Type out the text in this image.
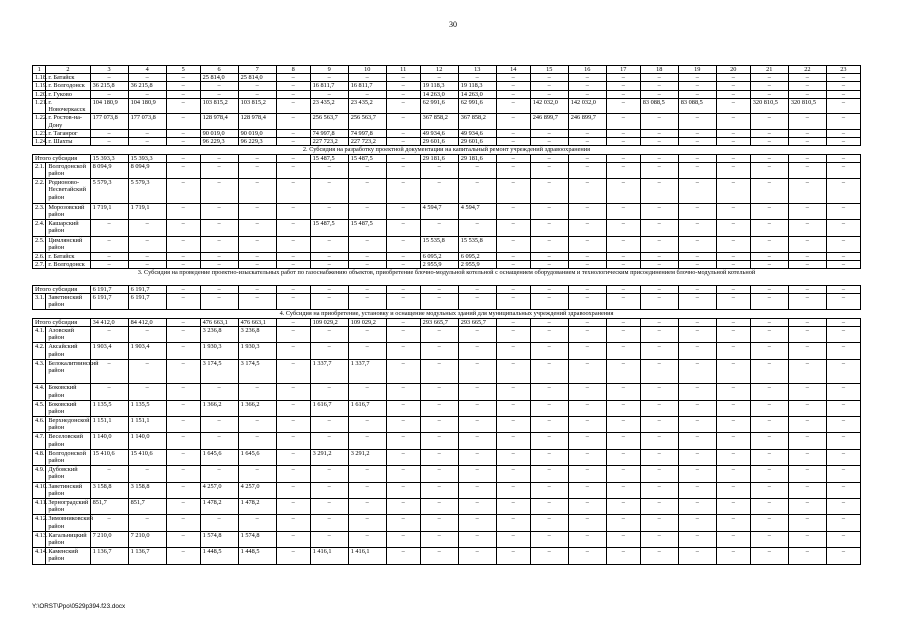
30
1	2	3	4	5	6	7	8	9	10	11	12	13	14	15	16	17	18	19	20	21	22	23
1.18.	г. Батайск	–	–	–	25 814,0	25 814,0	–	–	–	–	–	–	–	–	–	–	–	–	–	–	–	–
1.19.	г. Волгодонск	36 215,8	36 215,8	–	–	–	–	16 811,7	16 811,7	–	19 118,3	19 118,3	–	–	–	–	–	–	–	–	–	–
1.20.	г. Гуково	–	–	–	–	–	–	–	–	–	14 263,0	14 263,0	–	–	–	–	–	–	–	–	–	–
1.21.	г. Новочеркасск	104 180,9	104 180,9	–	103 815,2	103 815,2	–	23 435,2	23 435,2	–	62 991,6	62 991,6	–	142 032,0	142 032,0	–	83 088,5	83 088,5	–	320 810,5	320 810,5	–
1.22.	г. Ростов-на-Дону	177 073,8	177 073,8	–	128 978,4	128 978,4	–	256 563,7	256 563,7	–	367 858,2	367 858,2	–	246 899,7	246 899,7	–	–	–	–	–	–	–
1.23.	г. Таганрог	–	–	–	90 019,0	90 019,0	–	74 997,8	74 997,8	–	49 934,6	49 934,6	–	–	–	–	–	–	–	–	–	–
1.24.	г. Шахты	–	–	–	96 229,3	96 229,3	–	227 723,2	227 723,2	–	29 601,6	29 601,6	–	–	–	–	–	–	–	–	–	–
2. Субсидия на разработку проектной документации на капитальный ремонт учреждений здравоохранения																						
Итого субсидия		15 393,3	15 393,3	–	–	–	–	15 487,5	15 487,5	–	29 181,6	29 181,6	–	–	–	–	–	–	–	–	–	–
2.1.	Волгодонской район	8 094,9	8 094,9	–	–	–	–	–	–	–	–	–	–	–	–	–	–	–	–	–	–	–
2.2.	Родионово-Несветайский район	5 579,3	5 579,3	–	–	–	–	–	–	–	–	–	–	–	–	–	–	–	–	–	–	–
2.3.	Морозовский район	1 719,1	1 719,1	–	–	–	–	–	–	–	4 594,7	4 594,7	–	–	–	–	–	–	–	–	–	–
2.4.	Кашарский район	–	–	–	–	–	–	15 487,5	15 487,5	–	–	–	–	–	–	–	–	–	–	–	–	–
2.5.	Цимлянский район	–	–	–	–	–	–	–	–	–	15 535,8	15 535,8	–	–	–	–	–	–	–	–	–	–
2.6.	г. Батайск	–	–	–	–	–	–	–	–	–	6 095,2	6 095,2	–	–	–	–	–	–	–	–	–	–
2.7.	г. Волгодонск	–	–	–	–	–	–	–	–	–	2 955,9	2 955,9	–	–	–	–	–	–	–	–	–	–
3. Субсидия на проведение проектно-изыскательных работ по газоснабжению объектов, приобретение блочно-модульной котельной с оснащением оборудованием и технологическим присоединением блочно-модульной котельной																						
Итого субсидия		6 191,7	6 191,7	–	–	–	–	–	–	–	–	–	–	–	–	–	–	–	–	–	–	–
3.1.	Заветинский район	6 191,7	6 191,7	–	–	–	–	–	–	–	–	–	–	–	–	–	–	–	–	–	–	–
4. Субсидия на приобретение, установку и оснащение модульных зданий для муниципальных учреждений здравоохранения																						
Итого субсидия		34 412,0	84 412,0	–	476 663,1	476 663,1	–	109 029,2	109 029,2	–	293 665,7	293 665,7	–	–	–	–	–	–	–	–	–	–
4.1.	Азовский район	–	–	–	3 236,8	3 236,8	–	–	–	–	–	–	–	–	–	–	–	–	–	–	–	–
4.2.	Аксайский район	1 903,4	1 903,4	–	1 930,3	1 930,3	–	–	–	–	–	–	–	–	–	–	–	–	–	–	–	–
4.3.	Белокалитвинский район	–	–	–	3 174,5	3 174,5	–	1 337,7	1 337,7	–	–	–	–	–	–	–	–	–	–	–	–	–
4.4.	Боковский район	–	–	–	–	–	–	–	–	–	–	–	–	–	–	–	–	–	–	–	–	–
4.5.	Боковский район	1 135,5	1 135,5	–	1 366,2	1 366,2	–	1 616,7	1 616,7	–	–	–	–	–	–	–	–	–	–	–	–	–
4.6.	Верхнедонской район	1 151,1	1 151,1	–	–	–	–	–	–	–	–	–	–	–	–	–	–	–	–	–	–	–
4.7.	Веселовский район	1 140,0	1 140,0	–	–	–	–	–	–	–	–	–	–	–	–	–	–	–	–	–	–	–
4.8.	Волгодонской район	15 410,6	15 410,6	–	1 645,6	1 645,6	–	3 291,2	3 291,2	–	–	–	–	–	–	–	–	–	–	–	–	–
4.9.	Дубовский район	–	–	–	–	–	–	–	–	–	–	–	–	–	–	–	–	–	–	–	–	–
4.10.	Заветинский район	3 158,8	3 158,8	–	4 257,0	4 257,0	–	–	–	–	–	–	–	–	–	–	–	–	–	–	–	–
4.11.	Зерноградский район	851,7	851,7	–	1 478,2	1 478,2	–	–	–	–	–	–	–	–	–	–	–	–	–	–	–	–
4.12.	Зимовниковский район	–	–	–	–	–	–	–	–	–	–	–	–	–	–	–	–	–	–	–	–	–
4.13.	Кагальницкий район	7 210,0	7 210,0	–	1 574,8	1 574,8	–	–	–	–	–	–	–	–	–	–	–	–	–	–	–	–
4.14.	Каменский район	1 136,7	1 136,7	–	1 448,5	1 448,5	–	1 416,1	1 416,1	–	–	–	–	–	–	–	–	–	–	–	–	–
Y:\ORST\Ppo\0529p394.f23.docx
